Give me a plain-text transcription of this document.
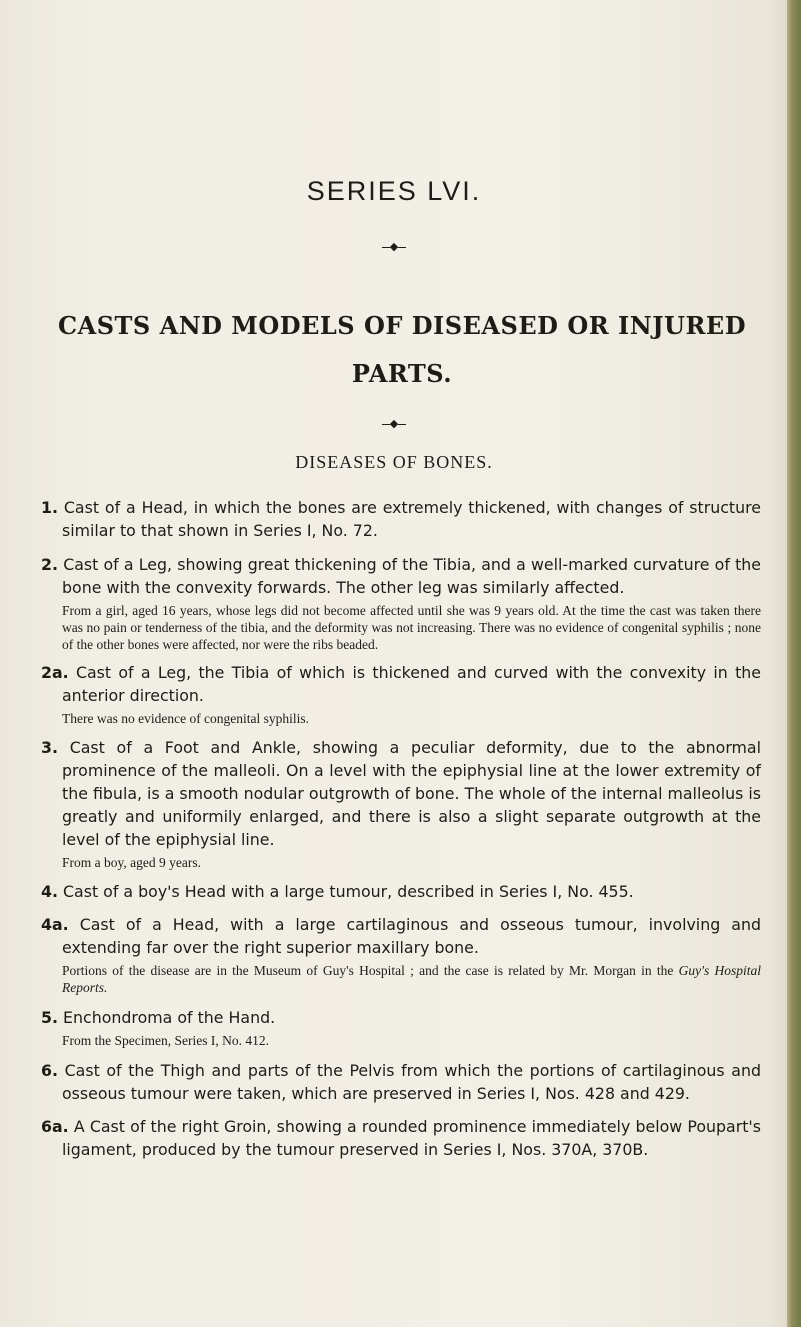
SERIES LVI.
◆
CASTS AND MODELS OF DISEASED OR INJURED
PARTS.
◆
DISEASES OF BONES.

1. Cast of a Head, in which the bones are extremely thickened, with changes of structure similar to that shown in Series I, No. 72.

2. Cast of a Leg, showing great thickening of the Tibia, and a well-marked curvature of the bone with the convexity forwards. The other leg was similarly affected.

From a girl, aged 16 years, whose legs did not become affected until she was 9 years old. At the time the cast was taken there was no pain or tenderness of the tibia, and the deformity was not increasing. There was no evidence of congenital syphilis ; none of the other bones were affected, nor were the ribs beaded.

2a. Cast of a Leg, the Tibia of which is thickened and curved with the convexity in the anterior direction.

There was no evidence of congenital syphilis.

3. Cast of a Foot and Ankle, showing a peculiar deformity, due to the abnormal prominence of the malleoli. On a level with the epiphysial line at the lower extremity of the fibula, is a smooth nodular outgrowth of bone. The whole of the internal malleolus is greatly and uniformily enlarged, and there is also a slight separate outgrowth at the level of the epiphysial line.

From a boy, aged 9 years.

4. Cast of a boy's Head with a large tumour, described in Series I, No. 455.

4a. Cast of a Head, with a large cartilaginous and osseous tumour, involving and extending far over the right superior maxillary bone.

Portions of the disease are in the Museum of Guy's Hospital ; and the case is related by Mr. Morgan in the Guy's Hospital Reports.

5. Enchondroma of the Hand.

From the Specimen, Series I, No. 412.

6. Cast of the Thigh and parts of the Pelvis from which the portions of cartilaginous and osseous tumour were taken, which are preserved in Series I, Nos. 428 and 429.

6a. A Cast of the right Groin, showing a rounded prominence immediately below Poupart's ligament, produced by the tumour preserved in Series I, Nos. 370A, 370B.
